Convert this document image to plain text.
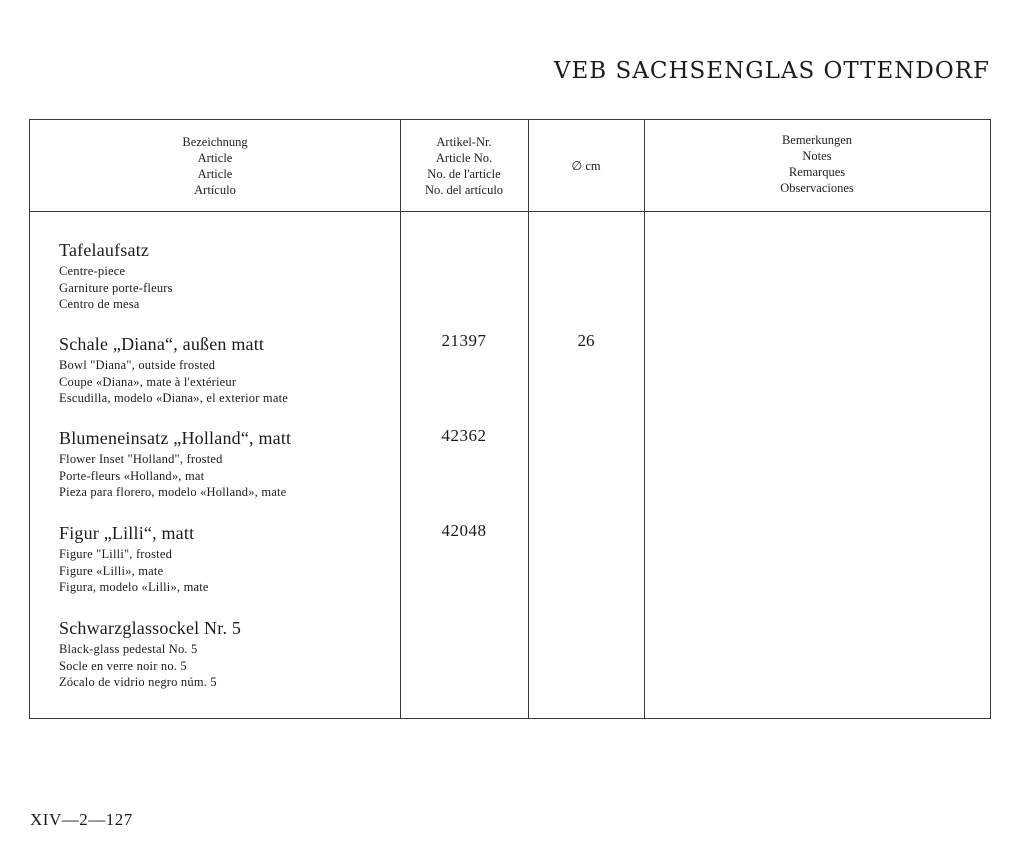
VEB SACHSENGLAS OTTENDORF
Bezeichnung
Article
Article
Artículo
Artikel-Nr.
Article No.
No. de l'article
No. del artículo
∅ cm
Bemerkungen
Notes
Remarques
Observaciones
Tafelaufsatz
Centre-piece
Garniture porte-fleurs
Centro de mesa
Schale „Diana“, außen matt
Bowl "Diana", outside frosted
Coupe «Diana», mate à l'extérieur
Escudilla, modelo «Diana», el exterior mate
21397	26
Blumeneinsatz „Holland“, matt
Flower Inset "Holland", frosted
Porte-fleurs «Holland», mat
Pieza para florero, modelo «Holland», mate
42362
Figur „Lilli“, matt
Figure "Lilli", frosted
Figure «Lilli», mate
Figura, modelo «Lilli», mate
42048
Schwarzglassockel Nr. 5
Black-glass pedestal No. 5
Socle en verre noir no. 5
Zócalo de vidrio negro núm. 5
XIV—2—127
